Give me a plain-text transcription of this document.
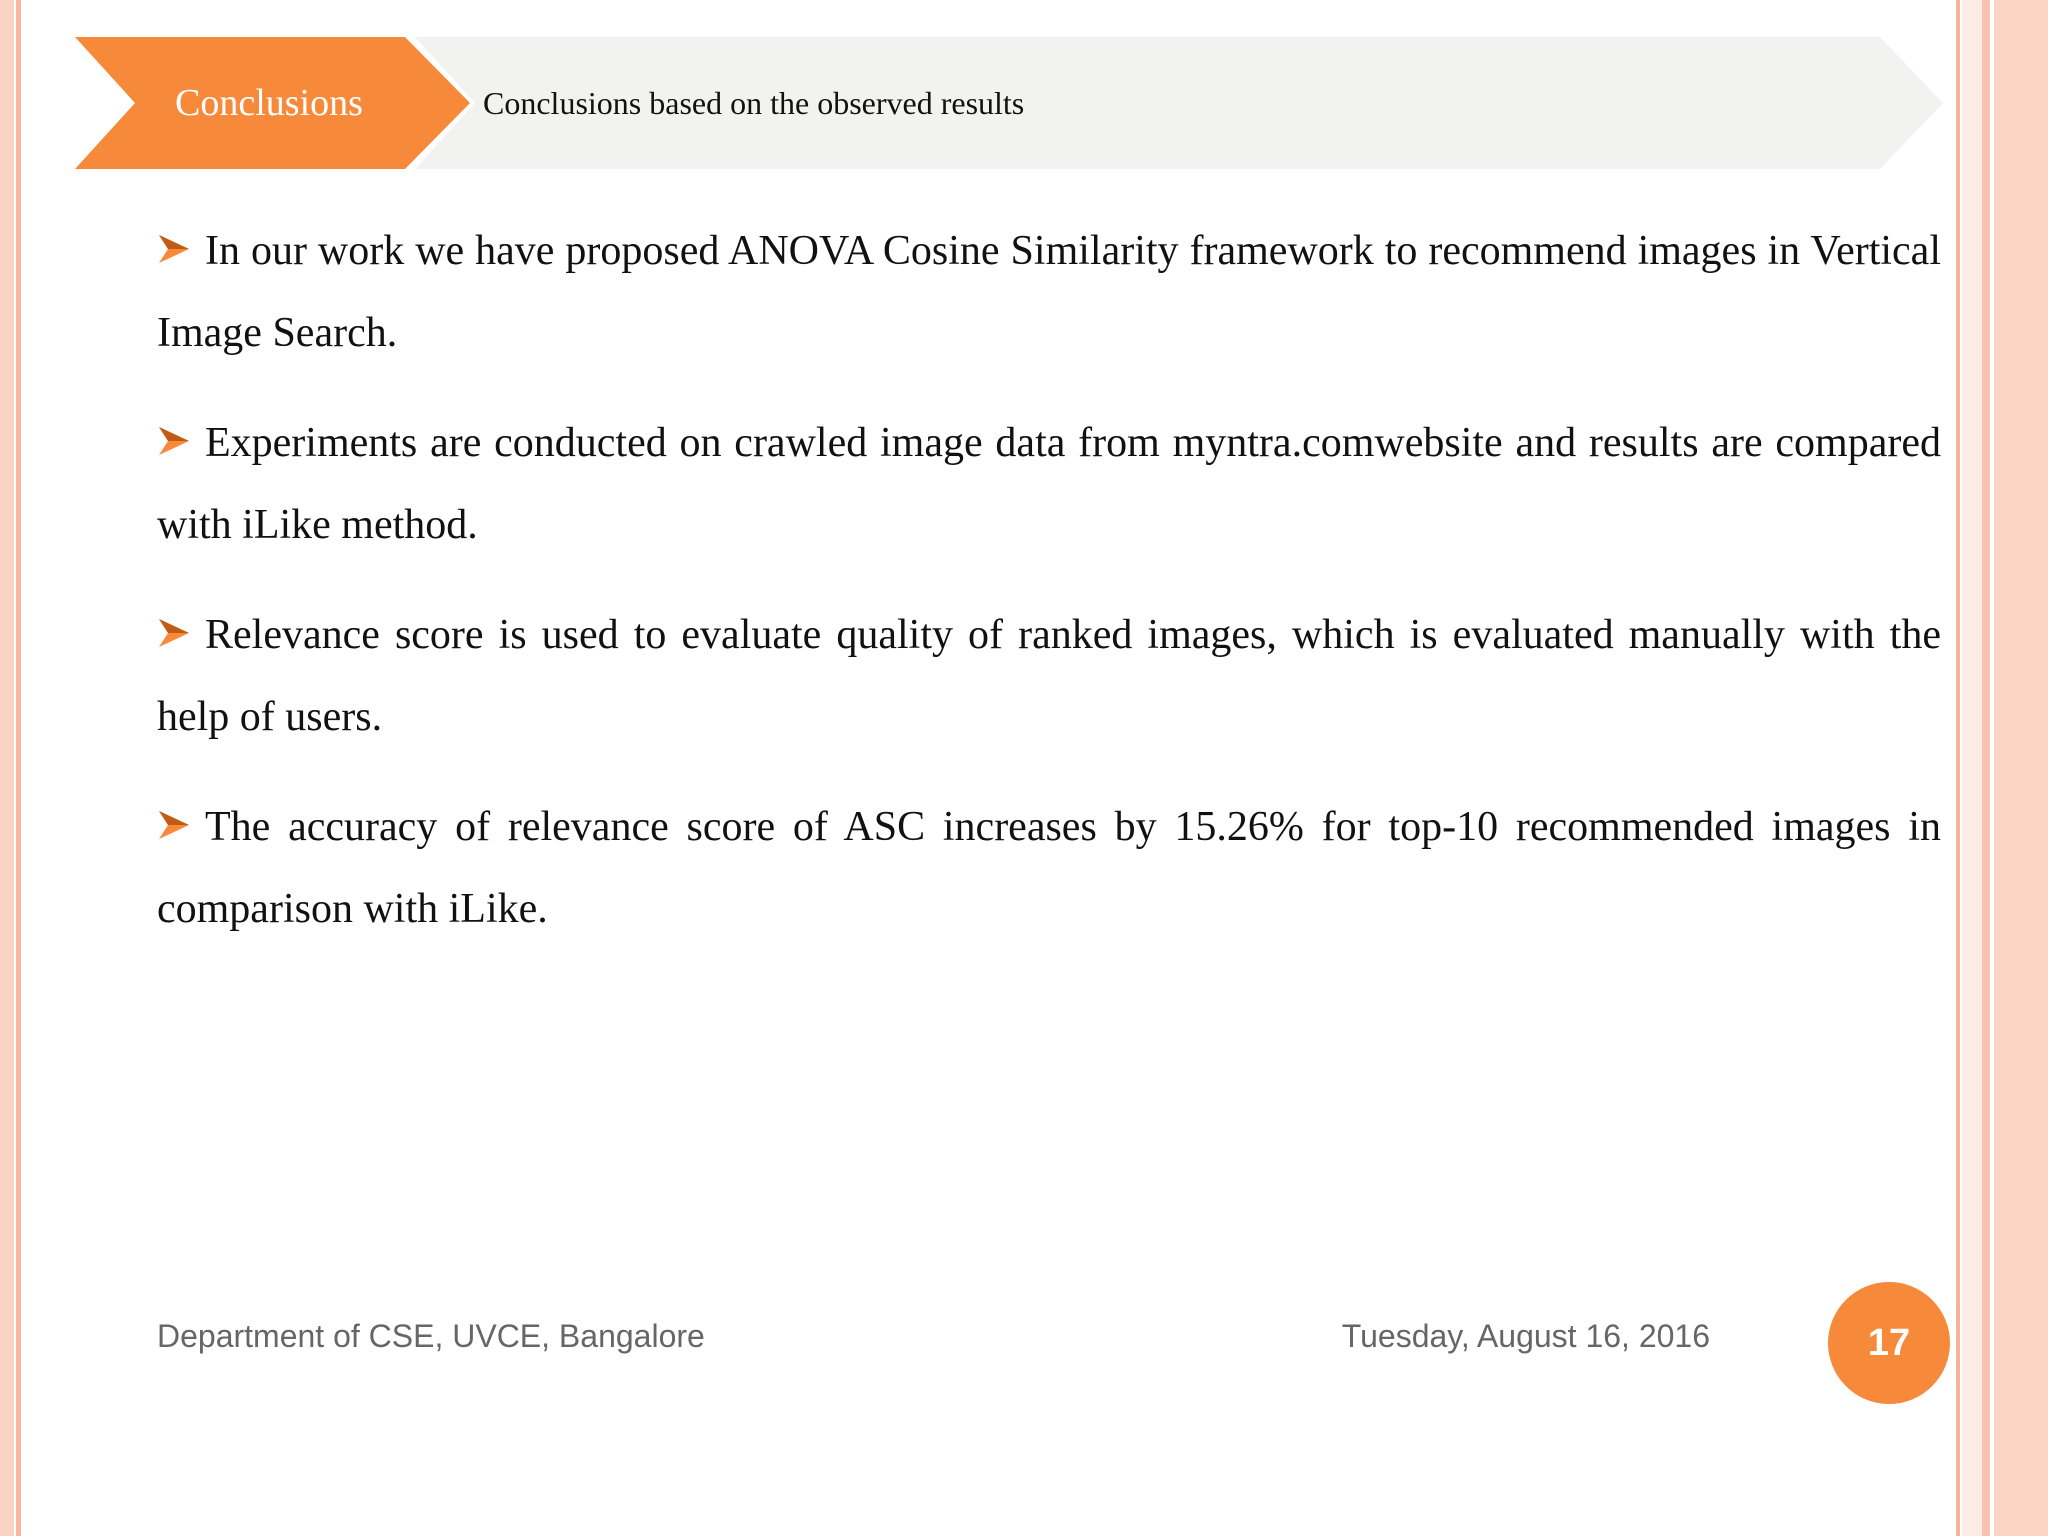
Conclusions	Conclusions based on the observed results

In our work we have proposed ANOVA Cosine Similarity framework to recommend images in Vertical Image Search.

Experiments are conducted on crawled image data from myntra.comwebsite and results are compared with iLike method.

Relevance score is used to evaluate quality of ranked images, which is evaluated manually with the help of users.

The accuracy of relevance score of ASC increases by 15.26% for top-10 recommended images in comparison with iLike.

Department of CSE, UVCE, Bangalore	Tuesday, August 16, 2016	17
